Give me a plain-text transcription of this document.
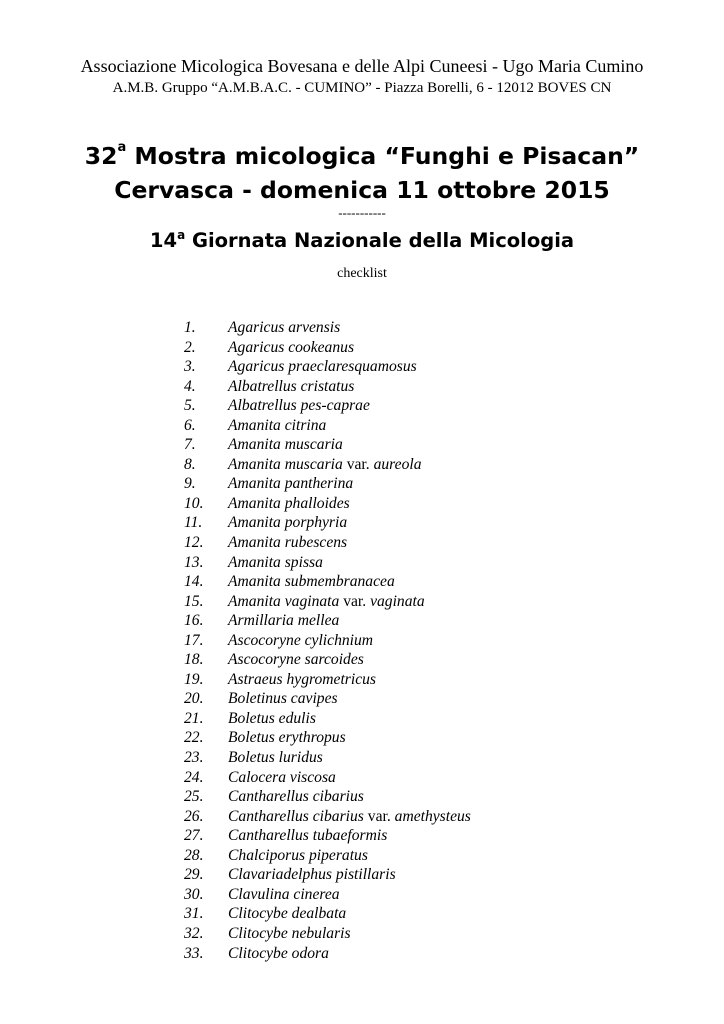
Associazione Micologica Bovesana e delle Alpi Cuneesi - Ugo Maria Cumino
A.M.B. Gruppo “A.M.B.A.C. - CUMINO” - Piazza Borelli, 6 - 12012 BOVES CN
32$^a$ Mostra micologica “Funghi e Pisacan”
Cervasca - domenica 11 ottobre 2015
-----------
14$^a$ Giornata Nazionale della Micologia
checklist
1. Agaricus arvensis
2. Agaricus cookeanus
3. Agaricus praeclaresquamosus
4. Albatrellus cristatus
5. Albatrellus pes-caprae
6. Amanita citrina
7. Amanita muscaria
8. Amanita muscaria var. aureola
9. Amanita pantherina
10. Amanita phalloides
11. Amanita porphyria
12. Amanita rubescens
13. Amanita spissa
14. Amanita submembranacea
15. Amanita vaginata var. vaginata
16. Armillaria mellea
17. Ascocoryne cylichnium
18. Ascocoryne sarcoides
19. Astraeus hygrometricus
20. Boletinus cavipes
21. Boletus edulis
22. Boletus erythropus
23. Boletus luridus
24. Calocera viscosa
25. Cantharellus cibarius
26. Cantharellus cibarius var. amethysteus
27. Cantharellus tubaeformis
28. Chalciporus piperatus
29. Clavariadelphus pistillaris
30. Clavulina cinerea
31. Clitocybe dealbata
32. Clitocybe nebularis
33. Clitocybe odora
